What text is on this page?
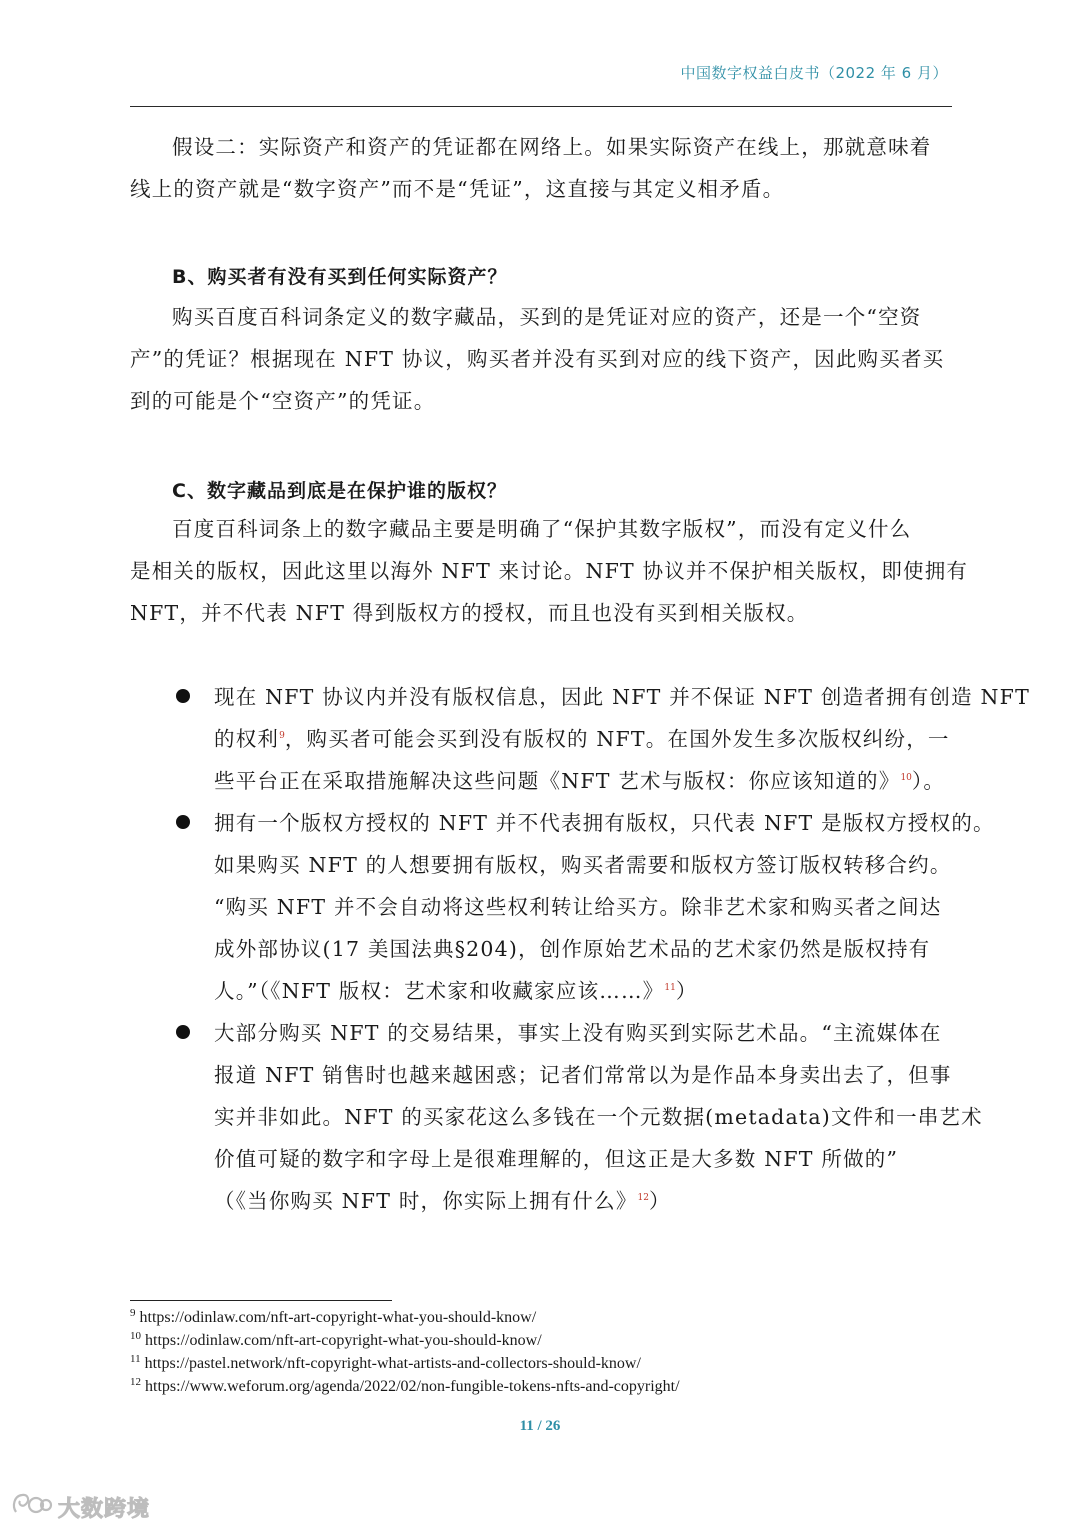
中国数字权益白皮书（2022 年 6 月）
假设二：实际资产和资产的凭证都在网络上。如果实际资产在线上，那就意味着
线上的资产就是“数字资产”而不是“凭证”，这直接与其定义相矛盾。
B、购买者有没有买到任何实际资产？
购买百度百科词条定义的数字藏品，买到的是凭证对应的资产，还是一个“空资
产”的凭证？根据现在 NFT 协议，购买者并没有买到对应的线下资产，因此购买者买
到的可能是个“空资产”的凭证。
C、数字藏品到底是在保护谁的版权？
百度百科词条上的数字藏品主要是明确了“保护其数字版权”，而没有定义什么
是相关的版权，因此这里以海外 NFT 来讨论。NFT 协议并不保护相关版权，即使拥有
NFT，并不代表 NFT 得到版权方的授权，而且也没有买到相关版权。
现在 NFT 协议内并没有版权信息，因此 NFT 并不保证 NFT 创造者拥有创造 NFT
的权利$^9$，购买者可能会买到没有版权的 NFT。在国外发生多次版权纠纷，一
些平台正在采取措施解决这些问题《NFT 艺术与版权：你应该知道的》$^{10}$）。
拥有一个版权方授权的 NFT 并不代表拥有版权，只代表 NFT 是版权方授权的。
如果购买 NFT 的人想要拥有版权，购买者需要和版权方签订版权转移合约。
“购买 NFT 并不会自动将这些权利转让给买方。除非艺术家和购买者之间达
成外部协议(17 美国法典§204)，创作原始艺术品的艺术家仍然是版权持有
人。”（《NFT 版权：艺术家和收藏家应该……》$^{11}$）
大部分购买 NFT 的交易结果，事实上没有购买到实际艺术品。“主流媒体在
报道 NFT 销售时也越来越困惑；记者们常常以为是作品本身卖出去了，但事
实并非如此。NFT 的买家花这么多钱在一个元数据(metadata)文件和一串艺术
价值可疑的数字和字母上是很难理解的，但这正是大多数 NFT 所做的”
（《当你购买 NFT 时，你实际上拥有什么》$^{12}$）
$^9$ https://odinlaw.com/nft-art-copyright-what-you-should-know/
$^{10}$ https://odinlaw.com/nft-art-copyright-what-you-should-know/
$^{11}$ https://pastel.network/nft-copyright-what-artists-and-collectors-should-know/
$^{12}$ https://www.weforum.org/agenda/2022/02/non-fungible-tokens-nfts-and-copyright/
11 / 26
大数跨境
